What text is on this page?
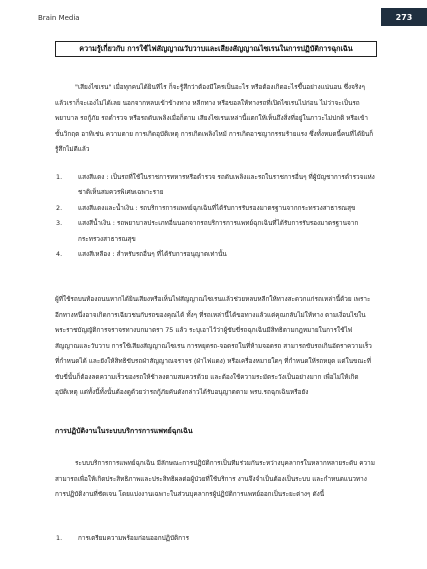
Brain Media	273
ความรู้เกี่ยวกับ การใช้ไฟสัญญาณวับวาบและเสียงสัญญาณไซเรนในการปฏิบัติการฉุกเฉิน
"เสียงไซเรน" เมื่อทุกคนได้ยินทีไร ก็จะรู้สึกว่าต้องมีใครเป็นอะไร หรือต้องเกิดอะไรขึ้นอย่างแน่นอน ซึ่งจริงๆ แล้วเราก็จะเองไม่ได้เลย นอกจากหลบเข้าข้างทาง หลีกทาง หรือขอลให้ทางรถที่เปิดไซเรนไปก่อน ไม่ว่าจะเป็นรถพยาบาล รถกู้ภัย รถดำรวจ หรือรถดับเพลิงเมื่อก็ตาม เสียงไซเรนเหล่านี้แตกให้เห็นถึงสิ่งที่อยู่ในภาวะไม่ปกติ หรือเข้าขั้นวิกฤต อาทิเช่น ความตาย การเกิดอุบัติเหตุ การเกิดเพลิงไหม้ การเกิดอาชญากรรมร้ายแรง ซึ่งทั้งหมดนี้คนที่ได้ยินก็รู้สึกไม่ดีแล้ว
1.	แสงสีแดง : เป็นรถที่ใช้ในราชการทหารหรือตำรวจ รถดับเพลิงและรถในราชการอื่นๆ ที่ผู้บัญชาการตำรวจแห่งชาติเห็นสมควรพิเศษเฉพาะราย
2.	แสงสีแดงและน้ำเงิน : รถบริการการแพทย์ฉุกเฉินที่ได้รับการรับรองมาตรฐานจากกระทรวงสาธารณสุข
3.	แสงสีน้ำเงิน : รถพยาบาลประเภทอื่นนอกจากรถบริการการแพทย์ฉุกเฉินที่ได้รับการรับรองมาตรฐานจากกระทรวงสาธารณสุข
4.	แสงสีเหลือง : สำหรับรถอื่นๆ ที่ได้รับการอนุญาตเท่านั้น
ผู้ที่ใช้รถบนท้องถนนหากได้ยินเสียงหรือเห็นไฟสัญญาณไซเรนแล้วช่วยหลบหลีกให้ทางสะดวกแก่รถเหล่านี้ด้วย เพราะอีกทางหนึ่งอาจเกิดการเฉียวชนกับรถของคุณได้ ทั้งๆ ที่รถเหล่านี้ได้ขอทางแล้วแต่คุณกลับไม่ให้ทาง ตามเงื่อนไขในพระราชบัญญัติการจราจรทางบกมาตรา 75 แล้ว ระบุเอาไว้ว่าผู้ขับขี่รถฉุกเฉินมีสิทธิตามกฎหมายในการใช้ไฟสัญญาณและวับวาบ การใช้เสียงสัญญาณไซเรน การหยุดรถ-จอดรถในที่ห้ามจอดรถ สามารถขับรถเกินอัตราความเร็วที่กำหนดได้ และยังให้สิทธิขับรถฝ่าสัญญาณจราจร (ฝ่าไฟแดง) หรือเครื่องหมายใดๆ ที่กำหนดให้รถหยุด แต่ในขณะที่ขับขี่นั้นก็ต้องลดความเร็วของรถให้ช้าลงตามสมควรด้วย และต้องใช้ความระมัดระวังเป็นอย่างมาก เพื่อไม่ให้เกิดอุบัติเหตุ แต่ทั้งนี้ทั้งนั้นต้องดูด้วยว่ารถกู้ภัยคันดังกล่าวได้รับอนุญาตตาม พรบ.รถฉุกเฉินหรือยัง
การปฏิบัติงานในระบบบริการการแพทย์ฉุกเฉิน
ระบบบริการการแพทย์ฉุกเฉิน มีลักษณะการปฏิบัติการเป็นทีมร่วมกันระหว่างบุคลากรในหลากหลายระดับ ความสามารถเพื่อให้เกิดประสิทธิภาพและประสิทธิผลต่อผู้ป่วยที่ใช้บริการ งานจึงจำเป็นต้องเป็นระบบ และกำหนดแนวทางการปฏิบัติงานที่ชัดเจน โดยแบ่งงานเฉพาะในส่วนบุคลากรผู้ปฏิบัติการแพทย์ออกเป็นระยะต่างๆ ดังนี้
1.	การเตรียมความพร้อมก่อนออกปฏิบัติการ
